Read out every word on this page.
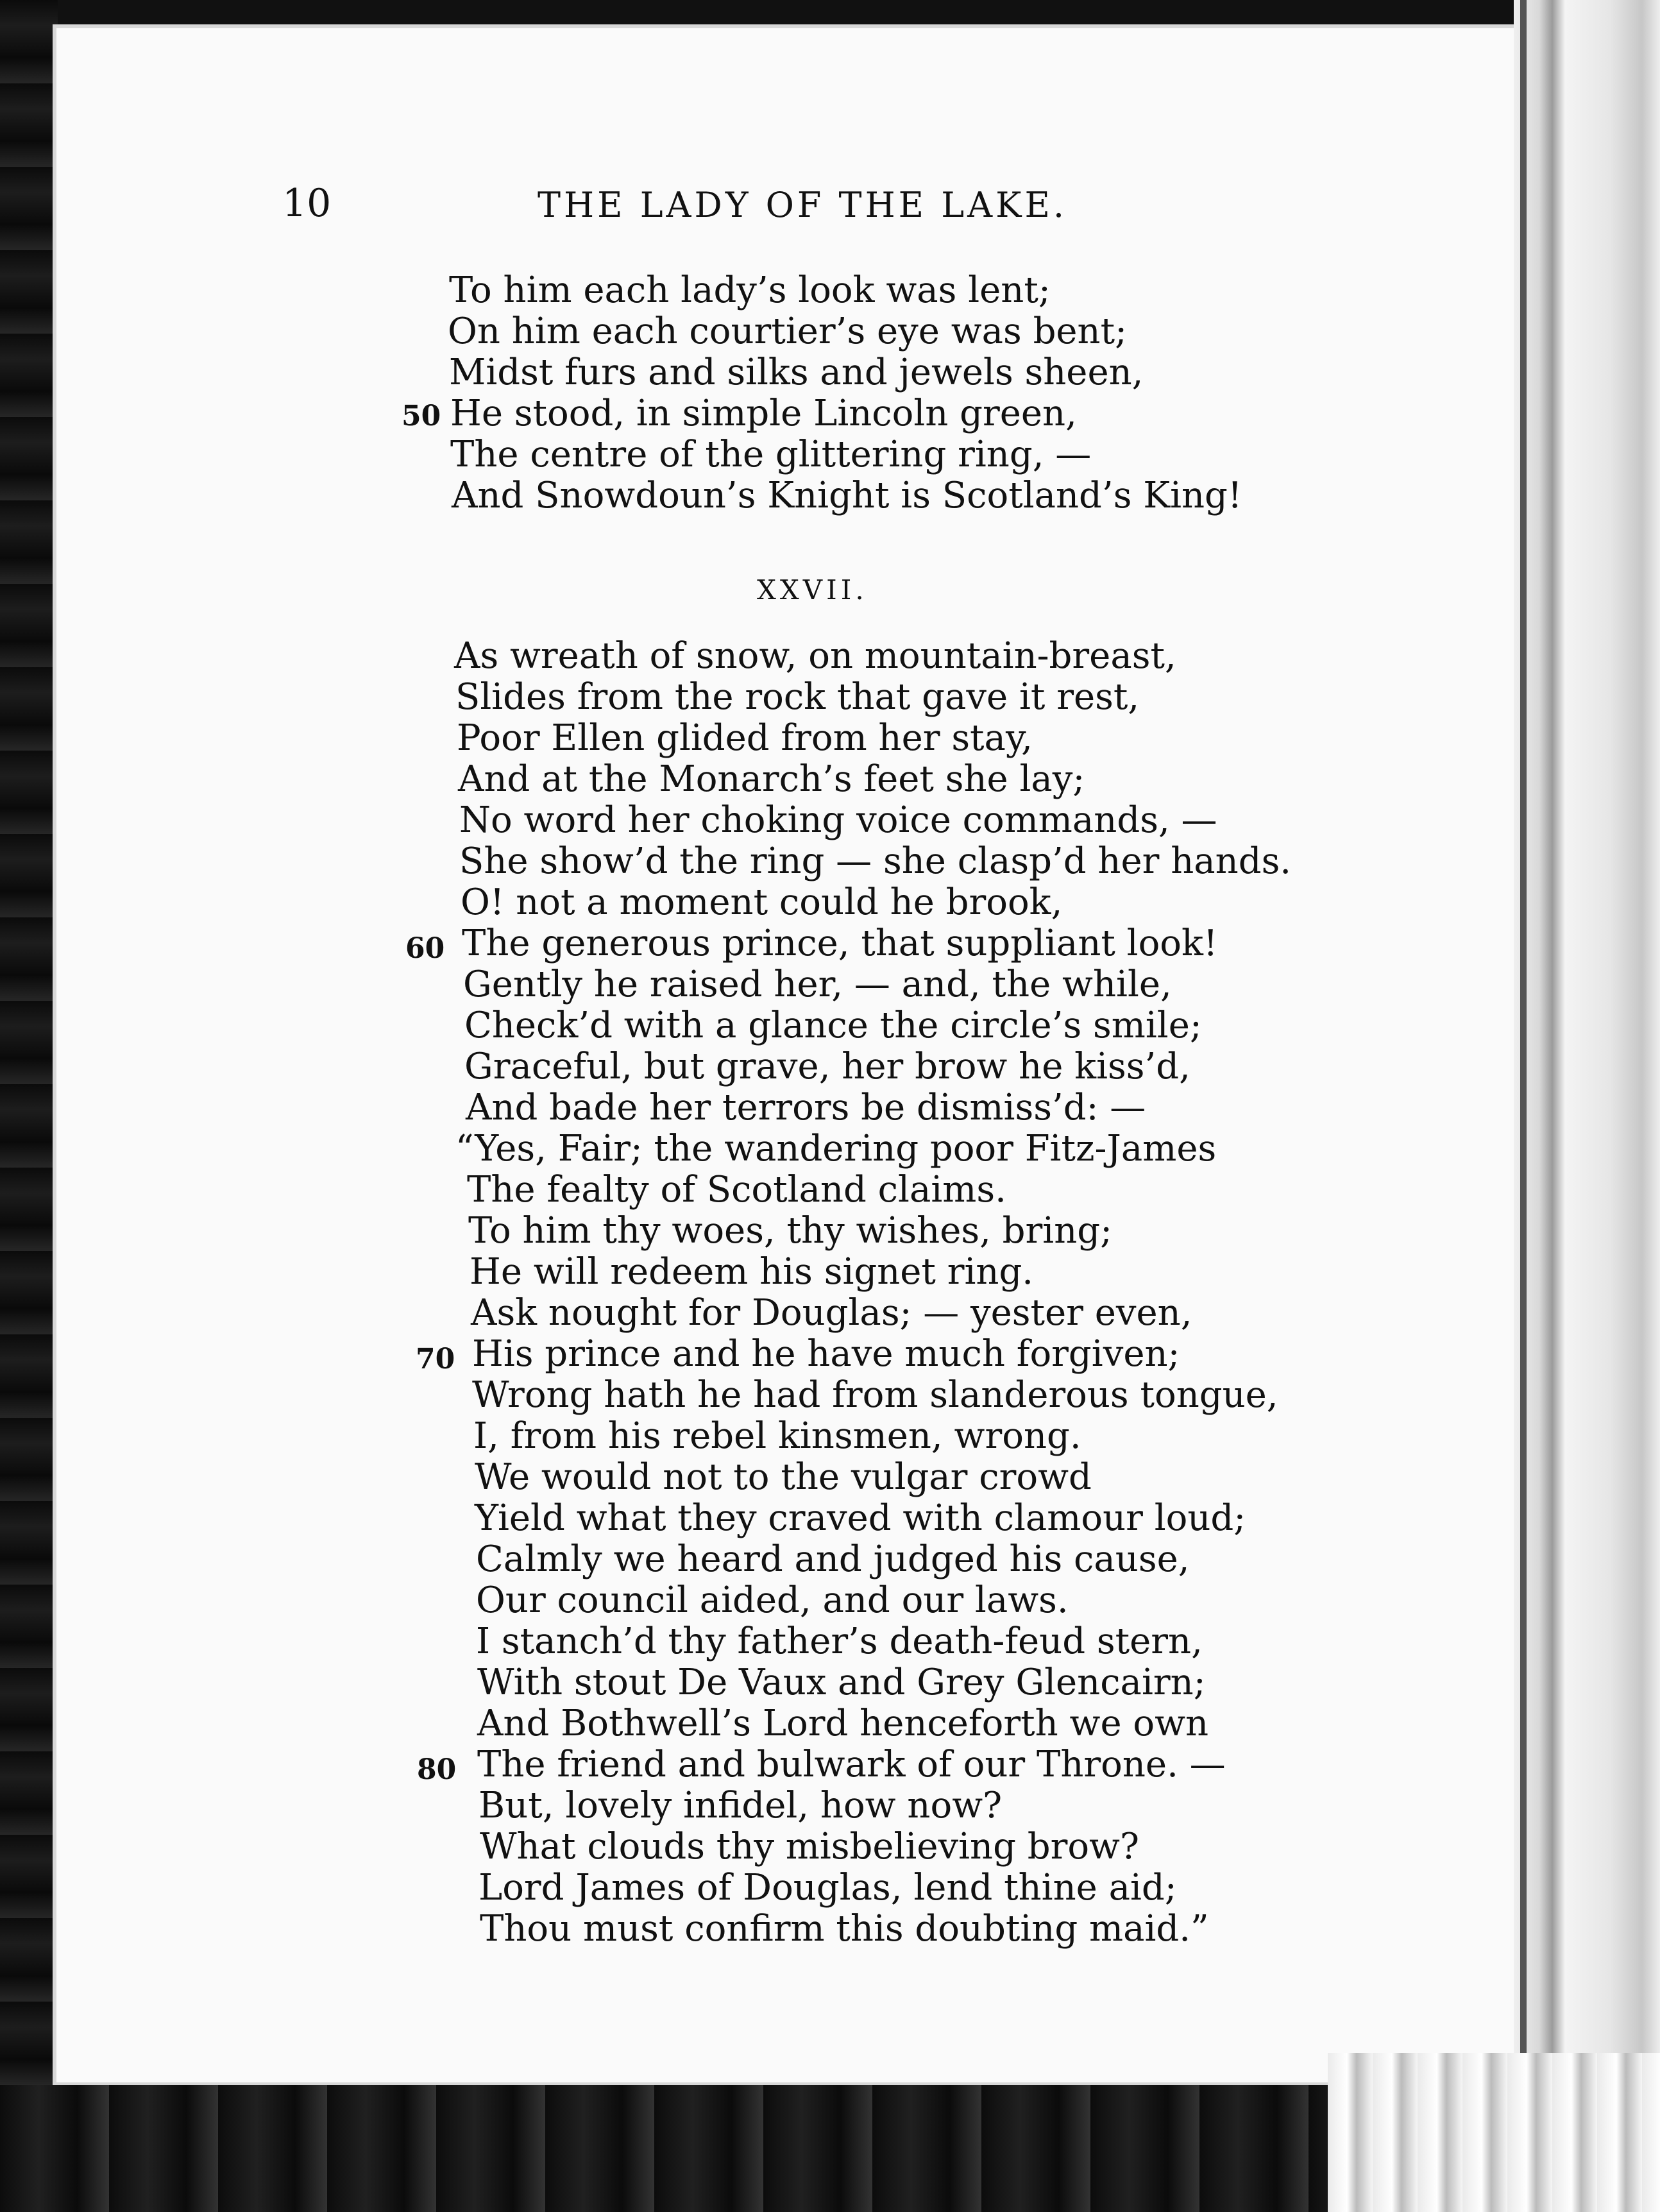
10	THE LADY OF THE LAKE.
To him each lady’s look was lent;
On him each courtier’s eye was bent;
Midst furs and silks and jewels sheen,
50 He stood, in simple Lincoln green,
The centre of the glittering ring, —
And Snowdoun’s Knight is Scotland’s King!
XXVII.
As wreath of snow, on mountain-breast,
Slides from the rock that gave it rest,
Poor Ellen glided from her stay,
And at the Monarch’s feet she lay;
No word her choking voice commands, —
She show’d the ring — she clasp’d her hands.
O! not a moment could he brook,
60 The generous prince, that suppliant look!
Gently he raised her, — and, the while,
Check’d with a glance the circle’s smile;
Graceful, but grave, her brow he kiss’d,
And bade her terrors be dismiss’d: —
“Yes, Fair; the wandering poor Fitz-James
The fealty of Scotland claims.
To him thy woes, thy wishes, bring;
He will redeem his signet ring.
Ask nought for Douglas; — yester even,
70 His prince and he have much forgiven;
Wrong hath he had from slanderous tongue,
I, from his rebel kinsmen, wrong.
We would not to the vulgar crowd
Yield what they craved with clamour loud;
Calmly we heard and judged his cause,
Our council aided, and our laws.
I stanch’d thy father’s death-feud stern,
With stout De Vaux and Grey Glencairn;
And Bothwell’s Lord henceforth we own
80 The friend and bulwark of our Throne. —
But, lovely infidel, how now?
What clouds thy misbelieving brow?
Lord James of Douglas, lend thine aid;
Thou must confirm this doubting maid.”
